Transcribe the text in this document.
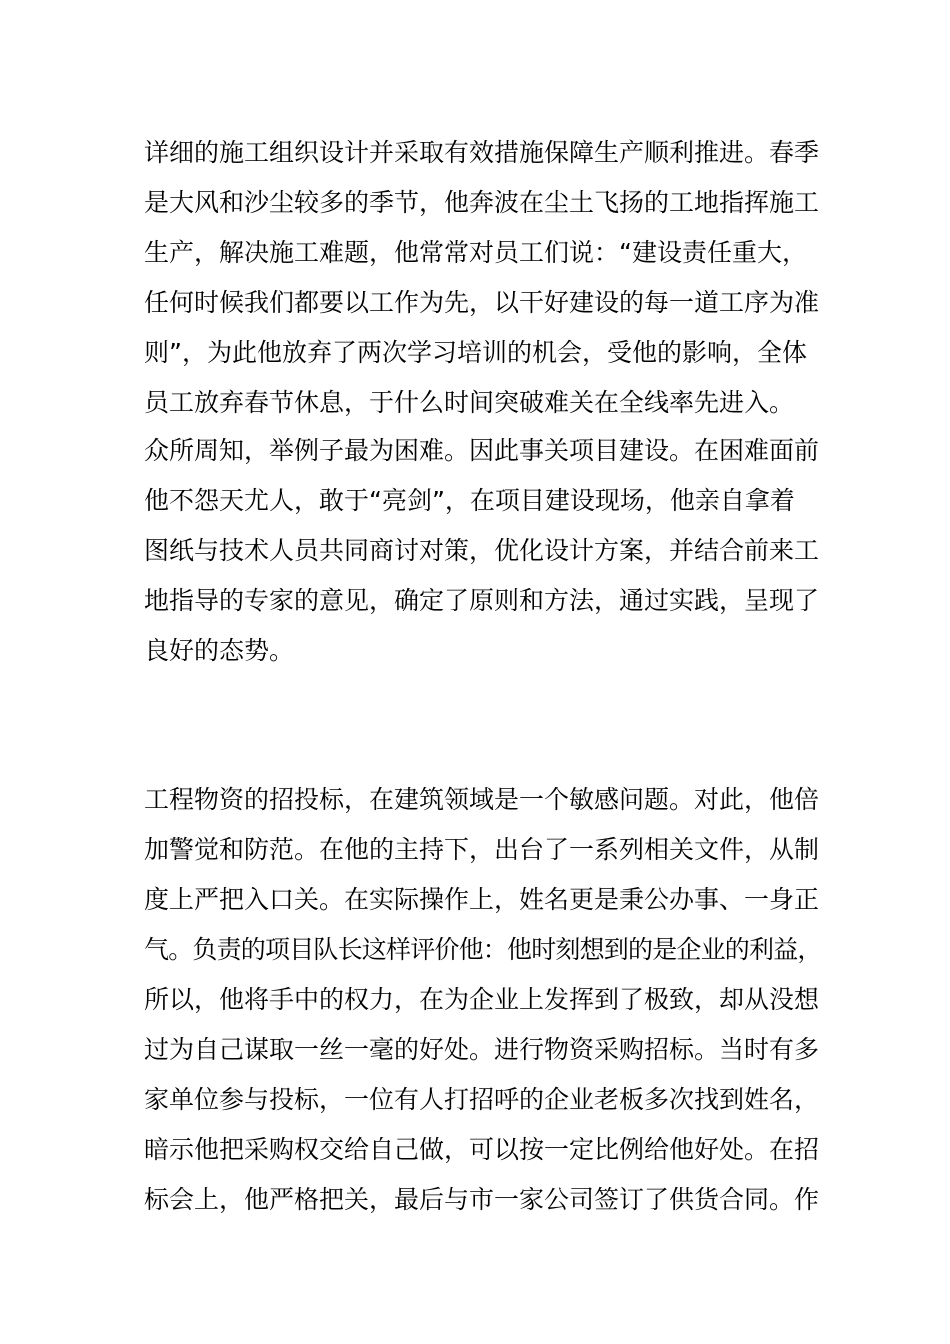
详细的施工组织设计并采取有效措施保障生产顺利推进。春季
是大风和沙尘较多的季节，他奔波在尘土飞扬的工地指挥施工
生产，解决施工难题，他常常对员工们说：“建设责任重大，
任何时候我们都要以工作为先，以干好建设的每一道工序为准
则”，为此他放弃了两次学习培训的机会，受他的影响，全体
员工放弃春节休息，于什么时间突破难关在全线率先进入。
众所周知，举例子最为困难。因此事关项目建设。在困难面前
他不怨天尤人，敢于“亮剑”，在项目建设现场，他亲自拿着
图纸与技术人员共同商讨对策，优化设计方案，并结合前来工
地指导的专家的意见，确定了原则和方法，通过实践，呈现了
良好的态势。
工程物资的招投标，在建筑领域是一个敏感问题。对此，他倍
加警觉和防范。在他的主持下，出台了一系列相关文件，从制
度上严把入口关。在实际操作上，姓名更是秉公办事、一身正
气。负责的项目队长这样评价他：他时刻想到的是企业的利益，
所以，他将手中的权力，在为企业上发挥到了极致，却从没想
过为自己谋取一丝一毫的好处。进行物资采购招标。当时有多
家单位参与投标，一位有人打招呼的企业老板多次找到姓名，
暗示他把采购权交给自己做，可以按一定比例给他好处。在招
标会上，他严格把关，最后与市一家公司签订了供货合同。作
